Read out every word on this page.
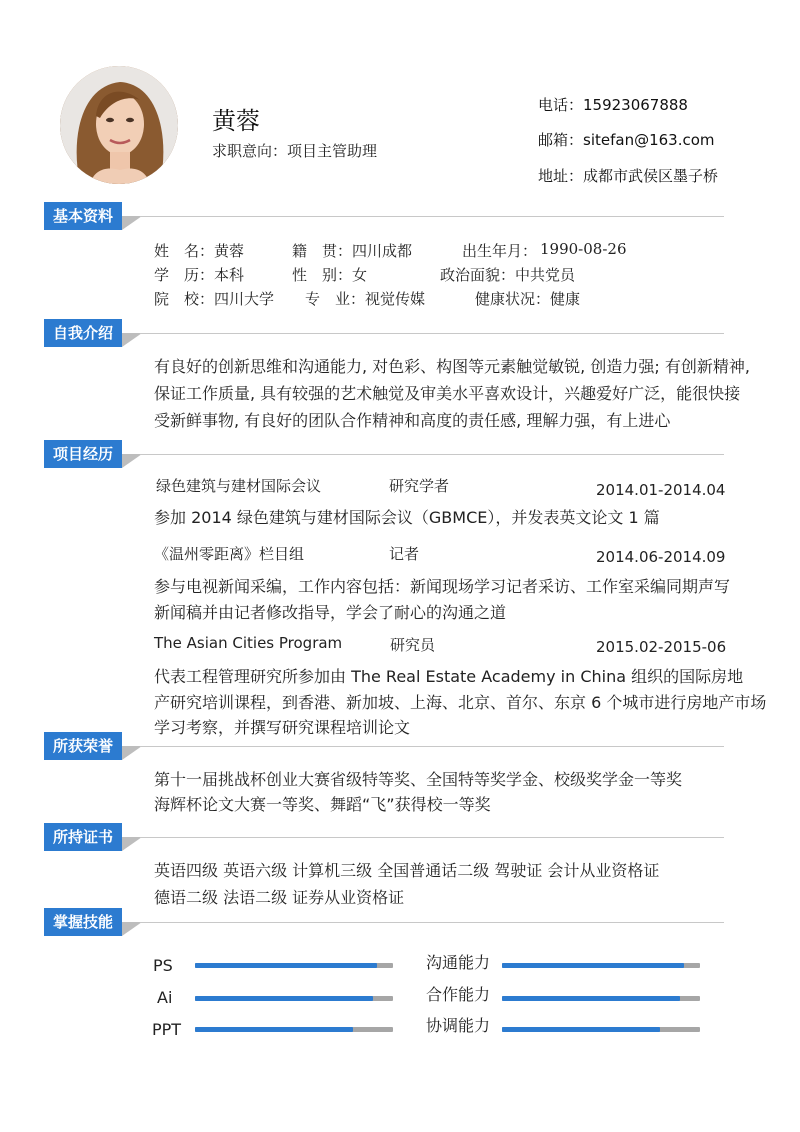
黄蓉
求职意向：项目主管助理
电话：15923067888
邮箱：sitefan@163.com
地址：成都市武侯区墨子桥
基本资料
姓　名：黄蓉	籍　贯：四川成都	出生年月： 1990-08-26
学　历：本科	性　别：女	政治面貌：中共党员
院　校：四川大学 专　业：视觉传媒	健康状况：健康
自我介绍
有良好的创新思维和沟通能力, 对色彩、构图等元素触觉敏锐, 创造力强; 有创新精神,
保证工作质量, 具有较强的艺术触觉及审美水平喜欢设计，兴趣爱好广泛，能很快接
受新鲜事物, 有良好的团队合作精神和高度的责任感, 理解力强，有上进心
项目经历
绿色建筑与建材国际会议	研究学者	2014.01-2014.04
参加 2014 绿色建筑与建材国际会议（GBMCE），并发表英文论文 1 篇
《温州零距离》栏目组	记者	2014.06-2014.09
参与电视新闻采编，工作内容包括：新闻现场学习记者采访、工作室采编同期声写
新闻稿并由记者修改指导，学会了耐心的沟通之道
The Asian Cities Program	研究员	2015.02-2015-06
代表工程管理研究所参加由 The Real Estate Academy in China 组织的国际房地
产研究培训课程，到香港、新加坡、上海、北京、首尔、东京 6 个城市进行房地产市场
学习考察，并撰写研究课程培训论文
所获荣誉
第十一届挑战杯创业大赛省级特等奖、全国特等奖学金、校级奖学金一等奖
海辉杯论文大赛一等奖、舞蹈“飞”获得校一等奖
所持证书
英语四级 英语六级 计算机三级 全国普通话二级 驾驶证 会计从业资格证
德语二级 法语二级 证券从业资格证
掌握技能
PS
Ai
PPT
沟通能力
合作能力
协调能力
